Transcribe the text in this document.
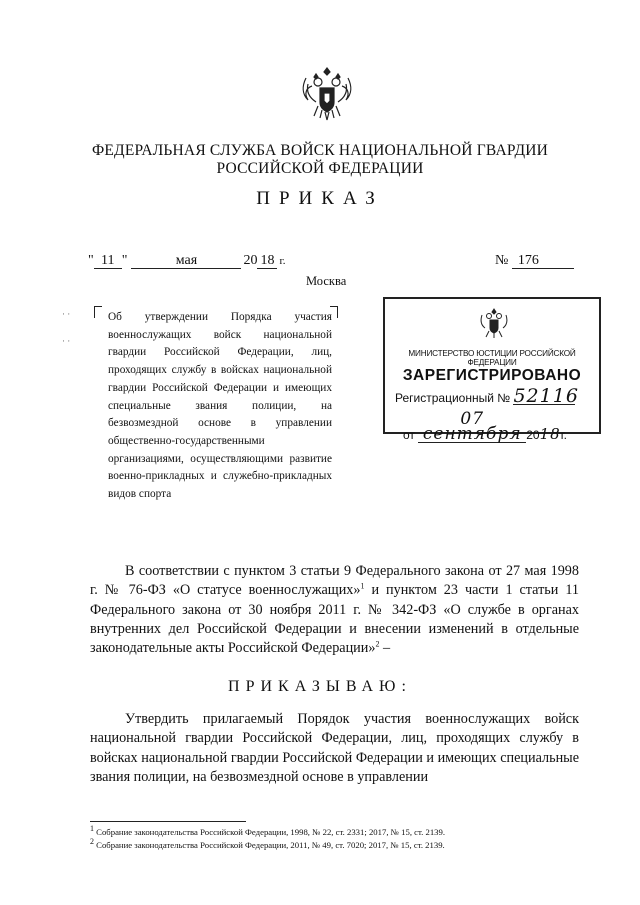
ФЕДЕРАЛЬНАЯ СЛУЖБА ВОЙСК НАЦИОНАЛЬНОЙ ГВАРДИИ
РОССИЙСКОЙ ФЕДЕРАЦИИ
ПРИКАЗ
" 11 "	мая	20 18 г.	№ 176
Москва
· ·
· ·
Об утверждении Порядка участия военнослужащих войск национальной гвардии Российской Федерации, лиц, проходящих службу в войсках национальной гвардии Российской Федерации и имеющих специальные звания полиции, на безвозмездной основе в управлении общественно-государственными организациями, осуществляющими развитие военно-прикладных и служебно-прикладных видов спорта
МИНИСТЕРСТВО ЮСТИЦИИ РОССИЙСКОЙ ФЕДЕРАЦИИ
ЗАРЕГИСТРИРОВАНО
Регистрационный № 52116
от 07 сентября 2018г.
В соответствии с пунктом 3 статьи 9 Федерального закона от 27 мая 1998 г. № 76-ФЗ «О статусе военнослужащих»$^1$ и пунктом 23 части 1 статьи 11 Федерального закона от 30 ноября 2011 г. № 342-ФЗ «О службе в органах внутренних дел Российской Федерации и внесении изменений в отдельные законодательные акты Российской Федерации»$^2$ –
ПРИКАЗЫВАЮ:
Утвердить прилагаемый Порядок участия военнослужащих войск национальной гвардии Российской Федерации, лиц, проходящих службу в войсках национальной гвардии Российской Федерации и имеющих специальные звания полиции, на безвозмездной основе в управлении
$^1$ Собрание законодательства Российской Федерации, 1998, № 22, ст. 2331; 2017, № 15, ст. 2139.
$^2$ Собрание законодательства Российской Федерации, 2011, № 49, ст. 7020; 2017, № 15, ст. 2139.
